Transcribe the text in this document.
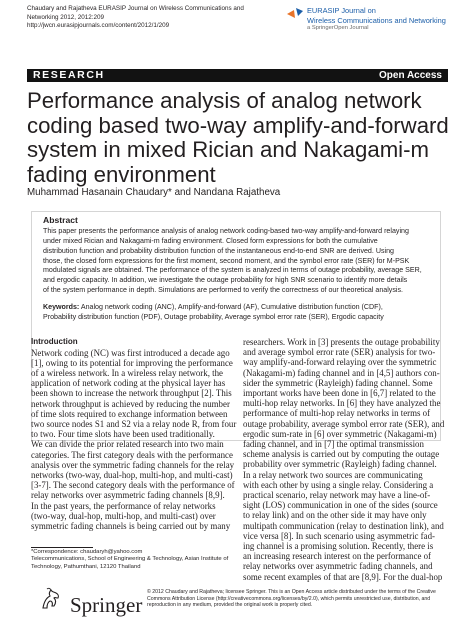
Chaudary and Rajatheva EURASIP Journal on Wireless Communications and
Networking 2012, 2012:209
http://jwcn.eurasipjournals.com/content/2012/1/209
EURASIP Journal on
Wireless Communications and Networking
a SpringerOpen Journal
RESEARCH	Open Access
Performance analysis of analog network
coding based two-way amplify-and-forward
system in mixed Rician and Nakagami-m
fading environment
Muhammad Hasanain Chaudary* and Nandana Rajatheva
Abstract
This paper presents the performance analysis of analog network coding-based two-way amplify-and-forward relaying
under mixed Rician and Nakagami-m fading environment. Closed form expressions for both the cumulative
distribution function and probability distribution function of the instantaneous end-to-end SNR are derived. Using
those, the closed form expressions for the first moment, second moment, and the symbol error rate (SER) for M-PSK
modulated signals are obtained. The performance of the system is analyzed in terms of outage probability, average SER,
and ergodic capacity. In addition, we investigate the outage probability for high SNR scenario to identify more details
of the system performance in depth. Simulations are performed to verify the correctness of our theoretical analysis.
Keywords: Analog network coding (ANC), Amplify-and-forward (AF), Cumulative distribution function (CDF),
Probability distribution function (PDF), Outage probability, Average symbol error rate (SER), Ergodic capacity
Introduction
Network coding (NC) was first introduced a decade ago
[1], owing to its potential for improving the performance
of a wireless network. In a wireless relay network, the
application of network coding at the physical layer has
been shown to increase the network throughput [2]. This
network throughput is achieved by reducing the number
of time slots required to exchange information between
two source nodes S1 and S2 via a relay node R, from four
to two. Four time slots have been used traditionally.
We can divide the prior related research into two main
categories. The first category deals with the performance
analysis over the symmetric fading channels for the relay
networks (two-way, dual-hop, multi-hop, and multi-cast)
[3-7]. The second category deals with the performance of
relay networks over asymmetric fading channels [8,9].
In the past years, the performance of relay networks
(two-way, dual-hop, multi-hop, and multi-cast) over
symmetric fading channels is being carried out by many
researchers. Work in [3] presents the outage probability
and average symbol error rate (SER) analysis for two-
way amplify-and-forward relaying over the symmetric
(Nakagami-m) fading channel and in [4,5] authors con-
sider the symmetric (Rayleigh) fading channel. Some
important works have been done in [6,7] related to the
multi-hop relay networks. In [6] they have analyzed the
performance of multi-hop relay networks in terms of
outage probability, average symbol error rate (SER), and
ergodic sum-rate in [6] over symmetric (Nakagami-m)
fading channel, and in [7] the optimal transmission
scheme analysis is carried out by computing the outage
probability over symmetric (Rayleigh) fading channel.
In a relay network two sources are communicating
with each other by using a single relay. Considering a
practical scenario, relay network may have a line-of-
sight (LOS) communication in one of the sides (source
to relay link) and on the other side it may have only
multipath communication (relay to destination link), and
vice versa [8]. In such scenario using asymmetric fad-
ing channel is a promising solution. Recently, there is
an increasing research interest on the performance of
relay networks over asymmetric fading channels, and
some recent examples of that are [8,9]. For the dual-hop
*Correspondence: chaudaryh@yahoo.com
Telecommunications, School of Engineering & Technology, Asian Institute of
Technology, Pathumthani, 12120 Thailand
Springer
© 2012 Chaudary and Rajatheva; licensee Springer. This is an Open Access article distributed under the terms of the Creative
Commons Attribution License (http://creativecommons.org/licenses/by/2.0), which permits unrestricted use, distribution, and
reproduction in any medium, provided the original work is properly cited.
